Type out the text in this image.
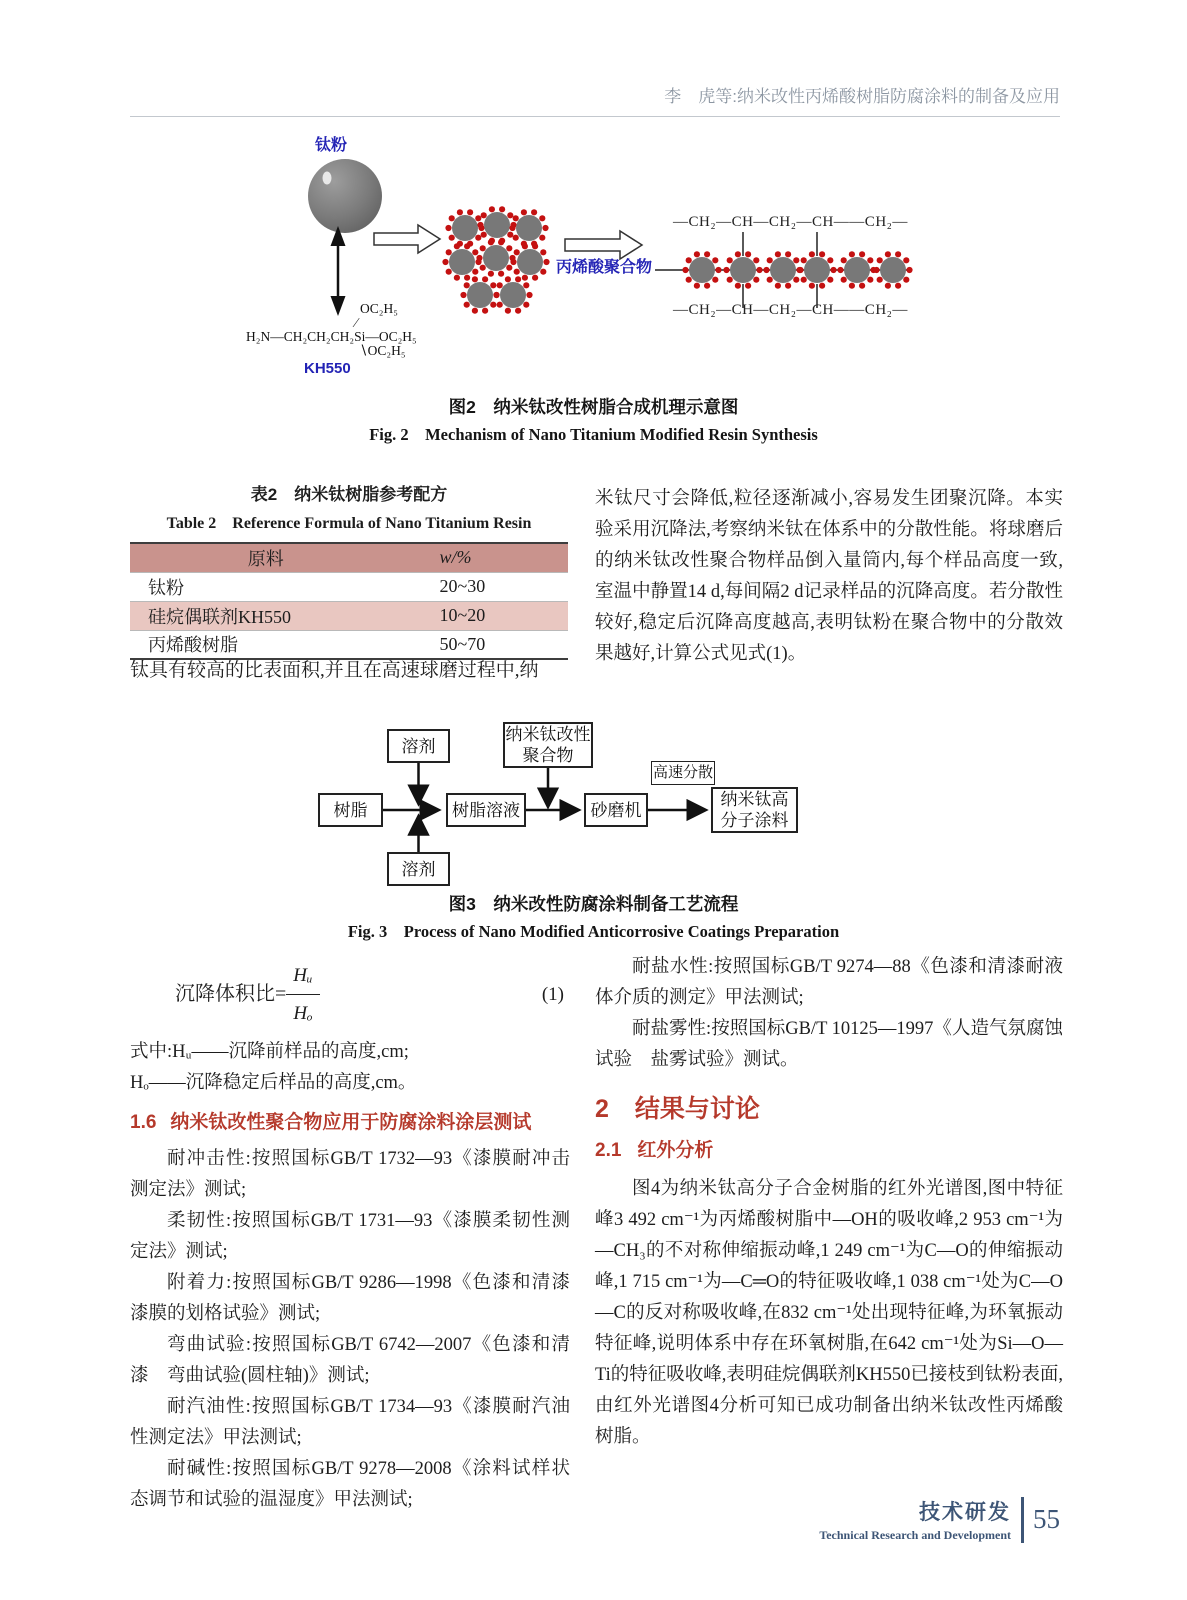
李　虎等:纳米改性丙烯酸树脂防腐涂料的制备及应用
钛粉
OC₂H₅
∕
H₂N—CH₂CH₂CH₂Si—OC₂H₅
∖OC₂H₅
KH550
丙烯酸聚合物
—CH₂—CH—CH₂—CH——CH₂—
—CH₂—CH—CH₂—CH——CH₂—
图2　纳米钛改性树脂合成机理示意图
Fig. 2　Mechanism of Nano Titanium Modified Resin Synthesis
表2　纳米钛树脂参考配方
Table 2　Reference Formula of Nano Titanium Resin
原料	w/%
钛粉	20~30
硅烷偶联剂KH550	10~20
丙烯酸树脂	50~70
钛具有较高的比表面积,并且在高速球磨过程中,纳

米钛尺寸会降低,粒径逐渐减小,容易发生团聚沉降。本实验采用沉降法,考察纳米钛在体系中的分散性能。将球磨后的纳米钛改性聚合物样品倒入量筒内,每个样品高度一致,室温中静置14 d,每间隔2 d记录样品的沉降高度。若分散性较好,稳定后沉降高度越高,表明钛粉在聚合物中的分散效果越好,计算公式见式(1)。

溶剂
纳米钛改性聚合物
高速分散
树脂	树脂溶液	砂磨机
纳米钛高分子涂料
溶剂
图3　纳米改性防腐涂料制备工艺流程
Fig. 3　Process of Nano Modified Anticorrosive Coatings Preparation
沉降体积比= $\frac{\text{Hᵤ}}{\text{Hₒ}}$	(1)
式中:Hᵤ——沉降前样品的高度,cm;
Hₒ——沉降稳定后样品的高度,cm。
1.6 纳米钛改性聚合物应用于防腐涂料涂层测试

耐冲击性:按照国标GB/T 1732—93《漆膜耐冲击测定法》测试;

柔韧性:按照国标GB/T 1731—93《漆膜柔韧性测定法》测试;

附着力:按照国标GB/T 9286—1998《色漆和清漆　漆膜的划格试验》测试;

弯曲试验:按照国标GB/T 6742—2007《色漆和清漆　弯曲试验(圆柱轴)》测试;

耐汽油性:按照国标GB/T 1734—93《漆膜耐汽油性测定法》甲法测试;

耐碱性:按照国标GB/T 9278—2008《涂料试样状态调节和试验的温湿度》甲法测试;

耐盐水性:按照国标GB/T 9274—88《色漆和清漆耐液体介质的测定》甲法测试;

耐盐雾性:按照国标GB/T 10125—1997《人造气氛腐蚀试验　盐雾试验》测试。

2 结果与讨论
2.1 红外分析

图4为纳米钛高分子合金树脂的红外光谱图,图中特征峰3 492 cm⁻¹为丙烯酸树脂中—OH的吸收峰,2 953 cm⁻¹为—CH₃的不对称伸缩振动峰,1 249 cm⁻¹为C—O的伸缩振动峰,1 715 cm⁻¹为—C═O的特征吸收峰,1 038 cm⁻¹处为C—O—C的反对称吸收峰,在832 cm⁻¹处出现特征峰,为环氧振动特征峰,说明体系中存在环氧树脂,在642 cm⁻¹处为Si—O—Ti的特征吸收峰,表明硅烷偶联剂KH550已接枝到钛粉表面,由红外光谱图4分析可知已成功制备出纳米钛改性丙烯酸树脂。

技术研发
Technical Research and Development
55
